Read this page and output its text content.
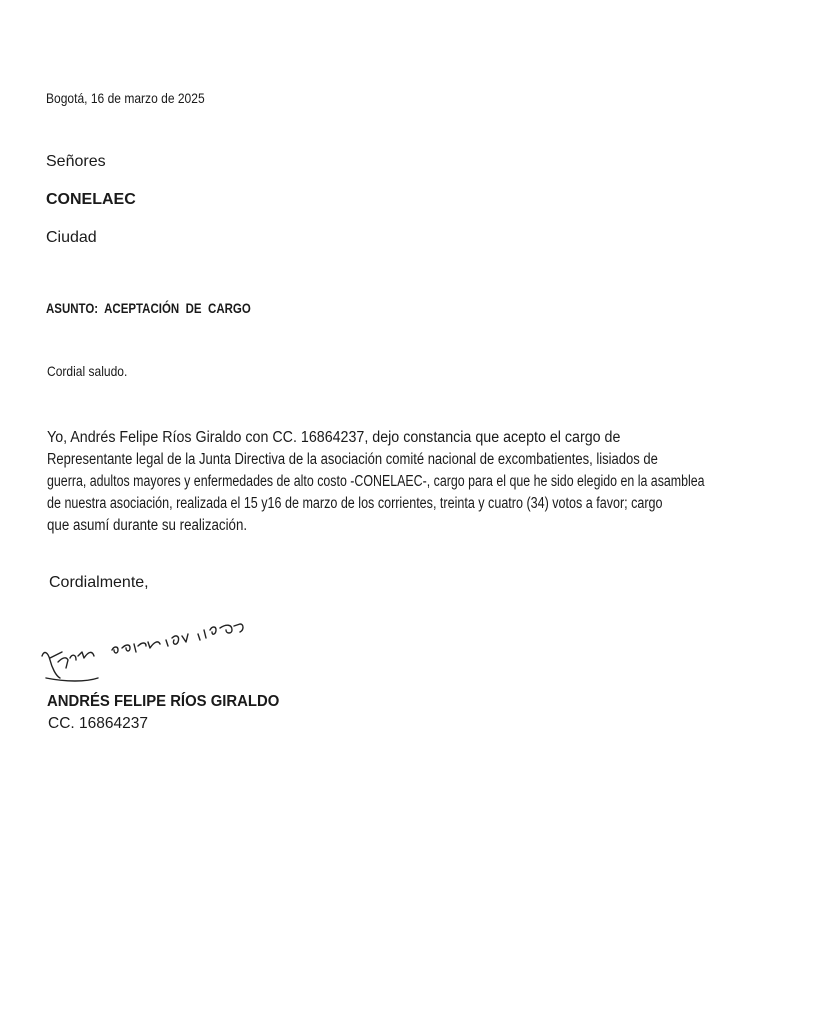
Bogotá, 16 de marzo de 2025
Señores
CONELAEC
Ciudad
ASUNTO: ACEPTACIÓN DE CARGO
Cordial saludo.
Yo, Andrés Felipe Ríos Giraldo con CC. 16864237, dejo constancia que acepto el cargo de
Representante legal de la Junta Directiva de la asociación comité nacional de excombatientes, lisiados de
guerra, adultos mayores y enfermedades de alto costo -CONELAEC-, cargo para el que he sido elegido en la asamblea
de nuestra asociación, realizada el 15 y16 de marzo de los corrientes, treinta y cuatro (34) votos a favor; cargo
que asumí durante su realización.
Cordialmente,
ANDRÉS FELIPE RÍOS GIRALDO
CC. 16864237
